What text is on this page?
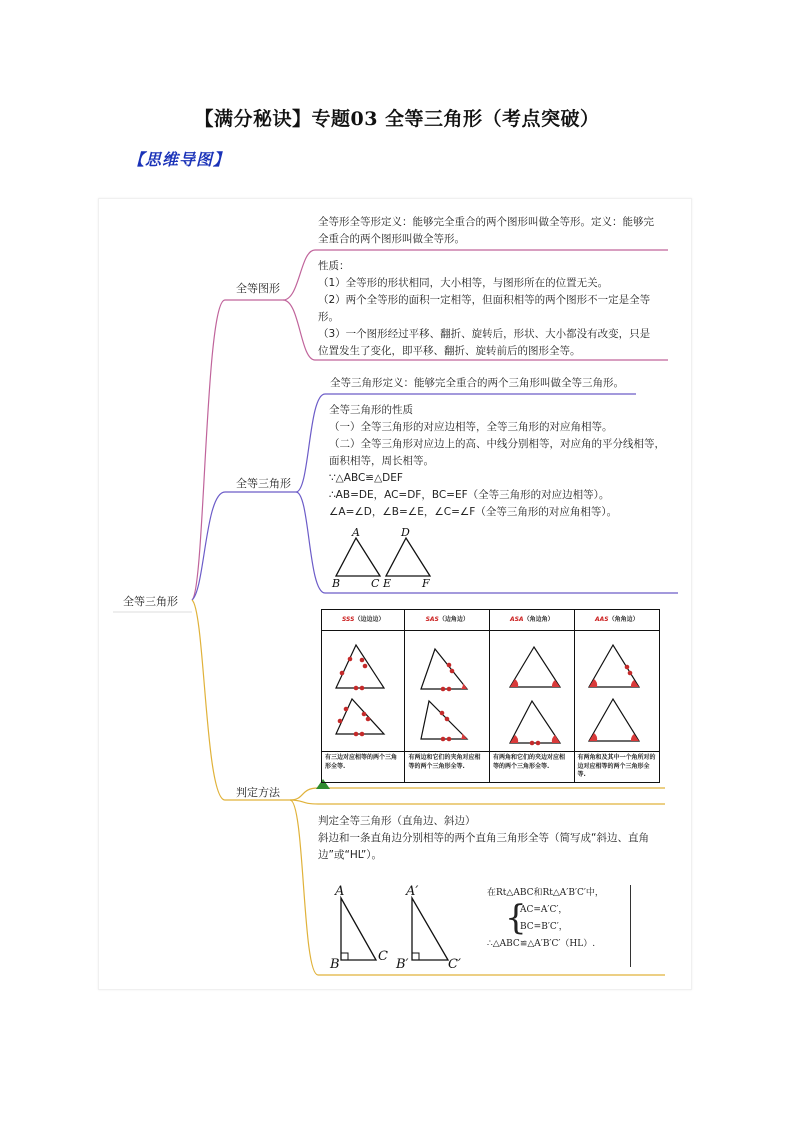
【满分秘诀】专题03 全等三角形（考点突破）
【思维导图】
全等三角形
全等图形
全等三角形
判定方法
全等形全等形定义：能够完全重合的两个图形叫做全等形。定义：能够完
全重合的两个图形叫做全等形。
性质：
（1）全等形的形状相同，大小相等，与图形所在的位置无关。
（2）两个全等形的面积一定相等，但面积相等的两个图形不一定是全等
形。
（3）一个图形经过平移、翻折、旋转后，形状、大小都没有改变，只是
位置发生了变化，即平移、翻折、旋转前后的图形全等。
全等三角形定义：能够完全重合的两个三角形叫做全等三角形。
全等三角形的性质
（一）全等三角形的对应边相等，全等三角形的对应角相等。
（二）全等三角形对应边上的高、中线分别相等，对应角的平分线相等，
面积相等，周长相等。
∵△ABC≌△DEF
∴AB=DE，AC=DF，BC=EF（全等三角形的对应边相等）。
∠A=∠D，∠B=∠E，∠C=∠F（全等三角形的对应角相等）。
A
B	C
D
E	F
SSS（边边边）	SAS（边角边）	ASA（角边角）	AAS（角角边）

有三边对应相等的两个三角形全等.	有两边和它们的夹角对应相等的两个三角形全等.	有两角和它们的夹边对应相等的两个三角形全等.	有两角和及其中一个角所对的边对应相等的两个三角形全等.
判定全等三角形（直角边、斜边）
斜边和一条直角边分别相等的两个直角三角形全等（简写成“斜边、直角
边”或“HL”）。
A
B
C
A′
B′	C′
在Rt△ABC和Rt△A′B′C′中，
{
AC=A′C′，
BC=B′C′，
∴△ABC≌△A′B′C′（HL）.
